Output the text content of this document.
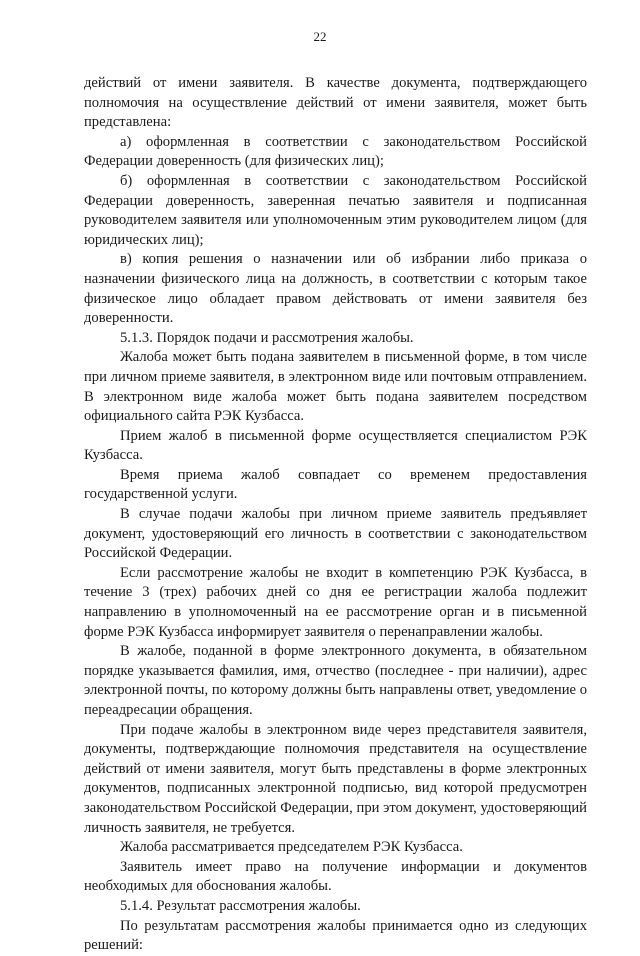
22

действий от имени заявителя. В качестве документа, подтверждающего полномочия на осуществление действий от имени заявителя, может быть представлена:

а) оформленная в соответствии с законодательством Российской Федерации доверенность (для физических лиц);

б) оформленная в соответствии с законодательством Российской Федерации доверенность, заверенная печатью заявителя и подписанная руководителем заявителя или уполномоченным этим руководителем лицом (для юридических лиц);

в) копия решения о назначении или об избрании либо приказа о назначении физического лица на должность, в соответствии с которым такое физическое лицо обладает правом действовать от имени заявителя без доверенности.

5.1.3. Порядок подачи и рассмотрения жалобы.

Жалоба может быть подана заявителем в письменной форме, в том числе при личном приеме заявителя, в электронном виде или почтовым отправлением. В электронном виде жалоба может быть подана заявителем посредством официального сайта РЭК Кузбасса.

Прием жалоб в письменной форме осуществляется специалистом РЭК Кузбасса.

Время приема жалоб совпадает со временем предоставления государственной услуги.

В случае подачи жалобы при личном приеме заявитель предъявляет документ, удостоверяющий его личность в соответствии с законодательством Российской Федерации.

Если рассмотрение жалобы не входит в компетенцию РЭК Кузбасса, в течение 3 (трех) рабочих дней со дня ее регистрации жалоба подлежит направлению в уполномоченный на ее рассмотрение орган и в письменной форме РЭК Кузбасса информирует заявителя о перенаправлении жалобы.

В жалобе, поданной в форме электронного документа, в обязательном порядке указывается фамилия, имя, отчество (последнее - при наличии), адрес электронной почты, по которому должны быть направлены ответ, уведомление о переадресации обращения.

При подаче жалобы в электронном виде через представителя заявителя, документы, подтверждающие полномочия представителя на осуществление действий от имени заявителя, могут быть представлены в форме электронных документов, подписанных электронной подписью, вид которой предусмотрен законодательством Российской Федерации, при этом документ, удостоверяющий личность заявителя, не требуется.

Жалоба рассматривается председателем РЭК Кузбасса.

Заявитель имеет право на получение информации и документов необходимых для обоснования жалобы.

5.1.4. Результат рассмотрения жалобы.

По результатам рассмотрения жалобы принимается одно из следующих решений:
